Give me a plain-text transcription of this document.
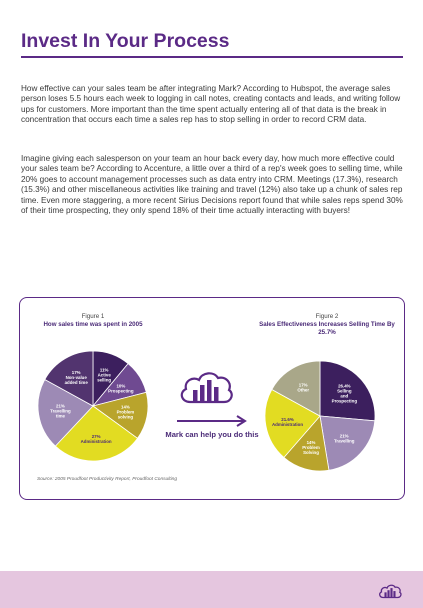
Invest In Your Process

How effective can your sales team be after integrating Mark? According to Hubspot, the average sales person loses 5.5 hours each week to logging in call notes, creating contacts and leads, and writing follow ups for customers. More important than the time spent actually entering all of that data is the break in concentration that occurs each time a sales rep has to stop selling in order to record CRM data.

Imagine giving each salesperson on your team an hour back every day, how much more effective could your sales team be? According to Accenture, a little over a third of a rep's week goes to selling time, while 20% goes to account management processes such as data entry into CRM. Meetings (17.3%), research (15.3%) and other miscellaneous activities like training and travel (12%) also take up a chunk of sales rep time. Even more staggering, a more recent Sirius Decisions report found that while sales reps spend 30% of their time prospecting, they only spend 18% of their time actually interacting with buyers!

Figure 1
How sales time was spent in 2005
Figure 2
Sales Effectiveness Increases Selling Time By 25.7%
11% Active selling
10% Prospecting
14% Problem solving
27% Administration
21% Travelling time
17% Non-value added time
26.4% Selling and Prospecting
21% Travelling
14% Problem Solving
21.6% Administration
17% Other
Mark can help you do this
Source: 2005 Proudfoot Productivity Report, Proudfoot Consulting
